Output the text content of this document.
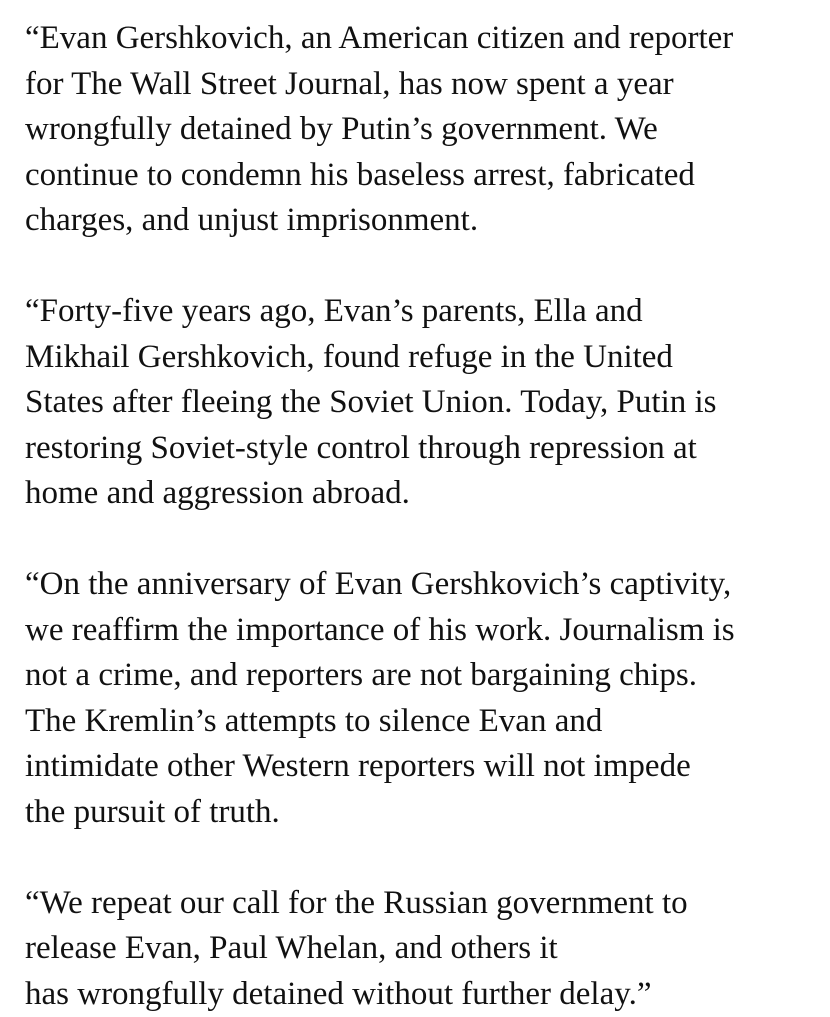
“Evan Gershkovich, an American citizen and reporter
for The Wall Street Journal, has now spent a year
wrongfully detained by Putin’s government. We
continue to condemn his baseless arrest, fabricated
charges, and unjust imprisonment.

“Forty-five years ago, Evan’s parents, Ella and
Mikhail Gershkovich, found refuge in the United
States after fleeing the Soviet Union. Today, Putin is
restoring Soviet-style control through repression at
home and aggression abroad.

“On the anniversary of Evan Gershkovich’s captivity,
we reaffirm the importance of his work. Journalism is
not a crime, and reporters are not bargaining chips.
The Kremlin’s attempts to silence Evan and
intimidate other Western reporters will not impede
the pursuit of truth.

“We repeat our call for the Russian government to
release Evan, Paul Whelan, and others it
has wrongfully detained without further delay.”
